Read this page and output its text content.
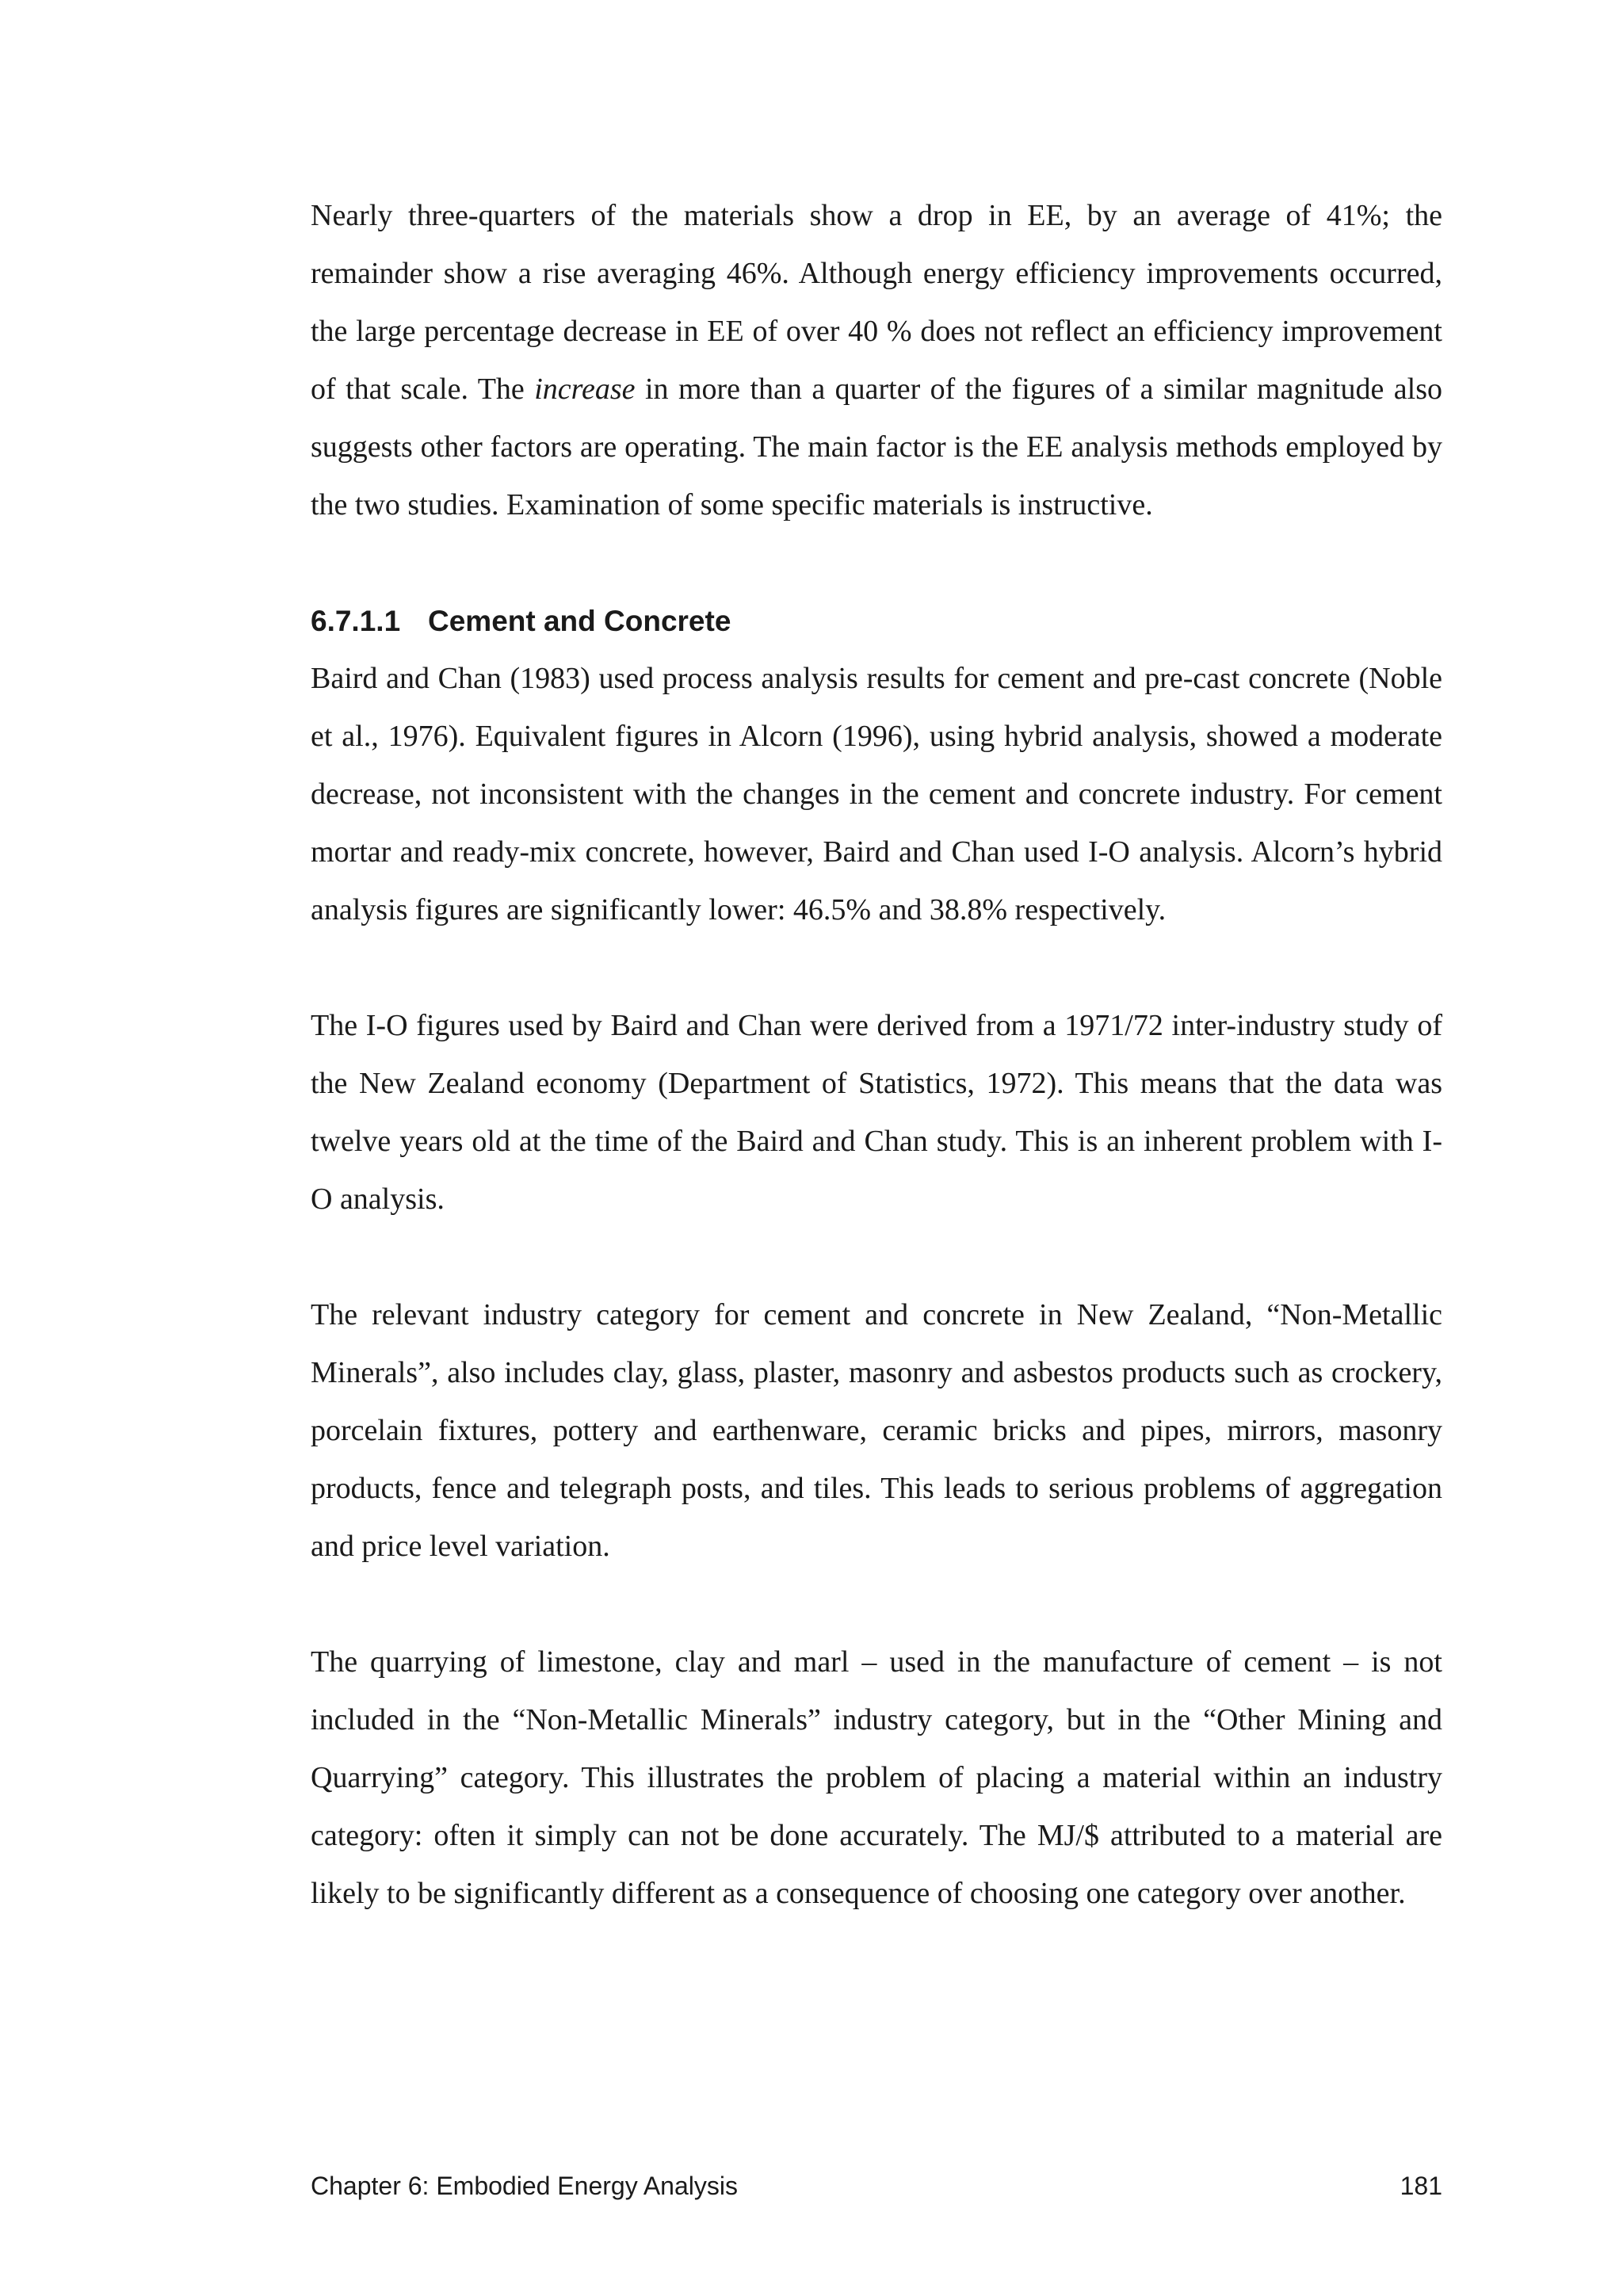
Nearly three-quarters of the materials show a drop in EE, by an average of 41%; the remainder show a rise averaging 46%. Although energy efficiency improvements occurred, the large percentage decrease in EE of over 40 % does not reflect an efficiency improvement of that scale. The increase in more than a quarter of the figures of a similar magnitude also suggests other factors are operating. The main factor is the EE analysis methods employed by the two studies. Examination of some specific materials is instructive.

6.7.1.1 Cement and Concrete

Baird and Chan (1983) used process analysis results for cement and pre-cast concrete (Noble et al., 1976). Equivalent figures in Alcorn (1996), using hybrid analysis, showed a moderate decrease, not inconsistent with the changes in the cement and concrete industry. For cement mortar and ready-mix concrete, however, Baird and Chan used I-O analysis. Alcorn’s hybrid analysis figures are significantly lower: 46.5% and 38.8% respectively.

The I-O figures used by Baird and Chan were derived from a 1971/72 inter-industry study of the New Zealand economy (Department of Statistics, 1972). This means that the data was twelve years old at the time of the Baird and Chan study. This is an inherent problem with I-O analysis.

The relevant industry category for cement and concrete in New Zealand, “Non-Metallic Minerals”, also includes clay, glass, plaster, masonry and asbestos products such as crockery, porcelain fixtures, pottery and earthenware, ceramic bricks and pipes, mirrors, masonry products, fence and telegraph posts, and tiles. This leads to serious problems of aggregation and price level variation.

The quarrying of limestone, clay and marl – used in the manufacture of cement – is not included in the “Non-Metallic Minerals” industry category, but in the “Other Mining and Quarrying” category. This illustrates the problem of placing a material within an industry category: often it simply can not be done accurately. The MJ/$ attributed to a material are likely to be significantly different as a consequence of choosing one category over another.

Chapter 6: Embodied Energy Analysis	181
